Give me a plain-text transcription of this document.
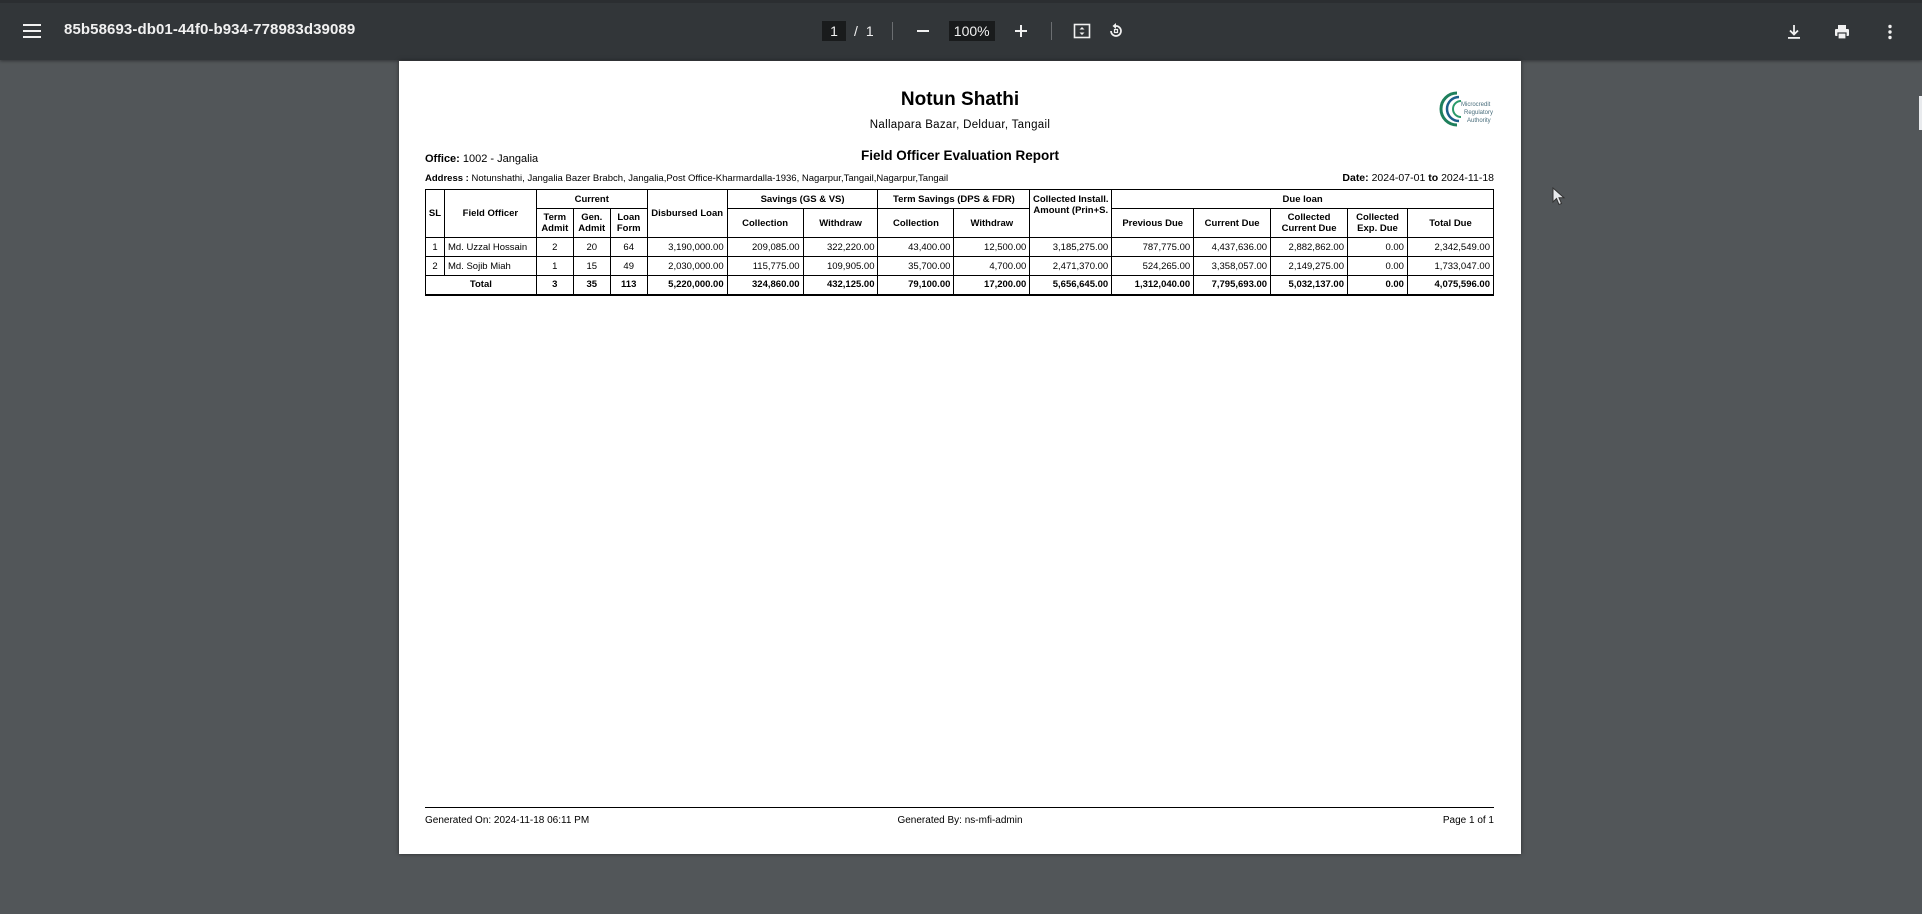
85b58693-db01-44f0-b934-778983d39089
1	/ 1
100%
Notun Shathi
Nallapara Bazar, Delduar, Tangail
Microcredit
Regulatory
Authority
Field Officer Evaluation Report
Office: 1002 - Jangalia
Address : Notunshathi, Jangalia Bazer Brabch, Jangalia,Post Office-Kharmardalla-1936, Nagarpur,Tangail,Nagarpur,Tangail	Date: 2024-07-01 to 2024-11-18
SL	Field Officer	Current			Disbursed Loan	Savings (GS & VS)		Term Savings (DPS & FDR)		Collected Install. Amount (Prin+S.	Due loan				
		Term Admit	Gen. Admit	Loan Form		Collection	Withdraw	Collection	Withdraw		Previous Due	Current Due	Collected Current Due	Collected Exp. Due	Total Due
1	Md. Uzzal Hossain	2	20	64	3,190,000.00	209,085.00	322,220.00	43,400.00	12,500.00	3,185,275.00	787,775.00	4,437,636.00	2,882,862.00	0.00	2,342,549.00
2	Md. Sojib Miah	1	15	49	2,030,000.00	115,775.00	109,905.00	35,700.00	4,700.00	2,471,370.00	524,265.00	3,358,057.00	2,149,275.00	0.00	1,733,047.00
Total		3	35	113	5,220,000.00	324,860.00	432,125.00	79,100.00	17,200.00	5,656,645.00	1,312,040.00	7,795,693.00	5,032,137.00	0.00	4,075,596.00
Generated On: 2024-11-18 06:11 PM	Generated By: ns-mfi-admin	Page 1 of 1
